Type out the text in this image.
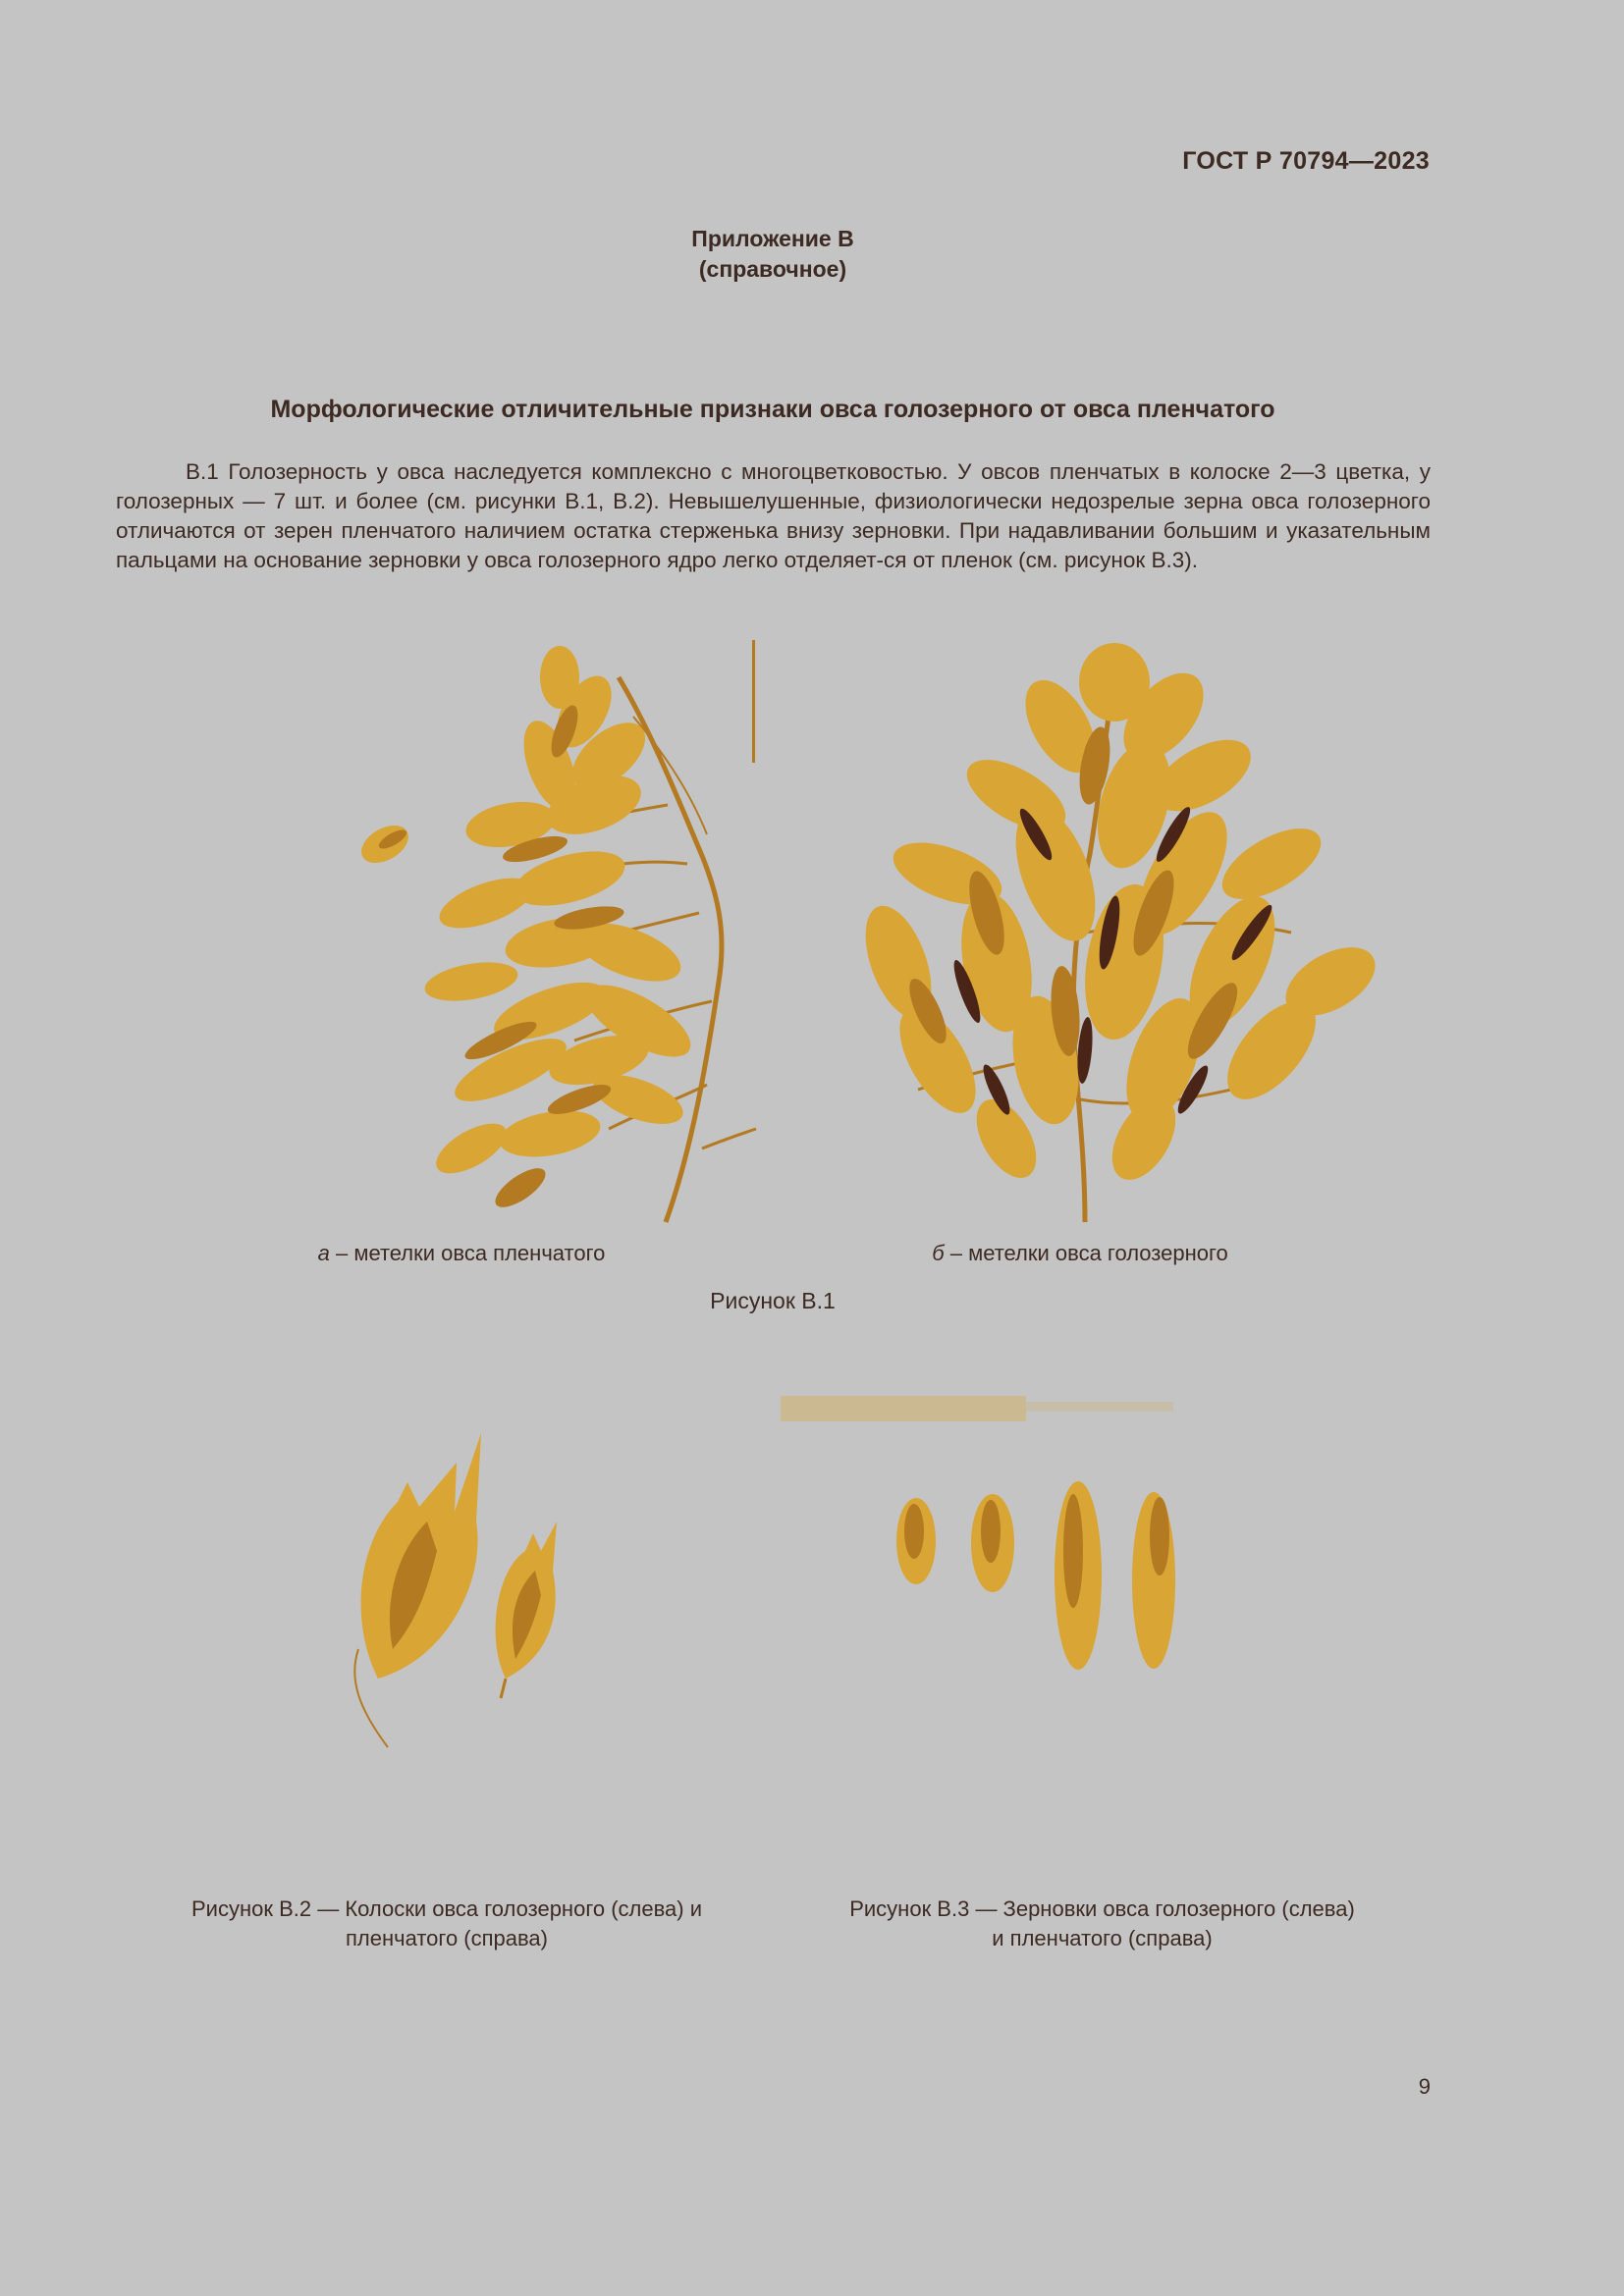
ГОСТ Р 70794—2023
Приложение В
(справочное)
Морфологические отличительные признаки овса голозерного от овса пленчатого

В.1 Голозерность у овса наследуется комплексно с многоцветковостью. У овсов пленчатых в колоске 2—3 цветка, у голозерных — 7 шт. и более (см. рисунки В.1, В.2). Невышелушенные, физиологически недозрелые зерна овса голозерного отличаются от зерен пленчатого наличием остатка стерженька внизу зерновки. При надавливании большим и указательным пальцами на основание зерновки у овса голозерного ядро легко отделяет-ся от пленок (см. рисунок В.3).

а – метелки овса пленчатого	б – метелки овса голозерного
Рисунок В.1
Рисунок В.2 — Колоски овса голозерного (слева) и
пленчатого (справа)
Рисунок В.3 — Зерновки овса голозерного (слева)
и пленчатого (справа)
9
